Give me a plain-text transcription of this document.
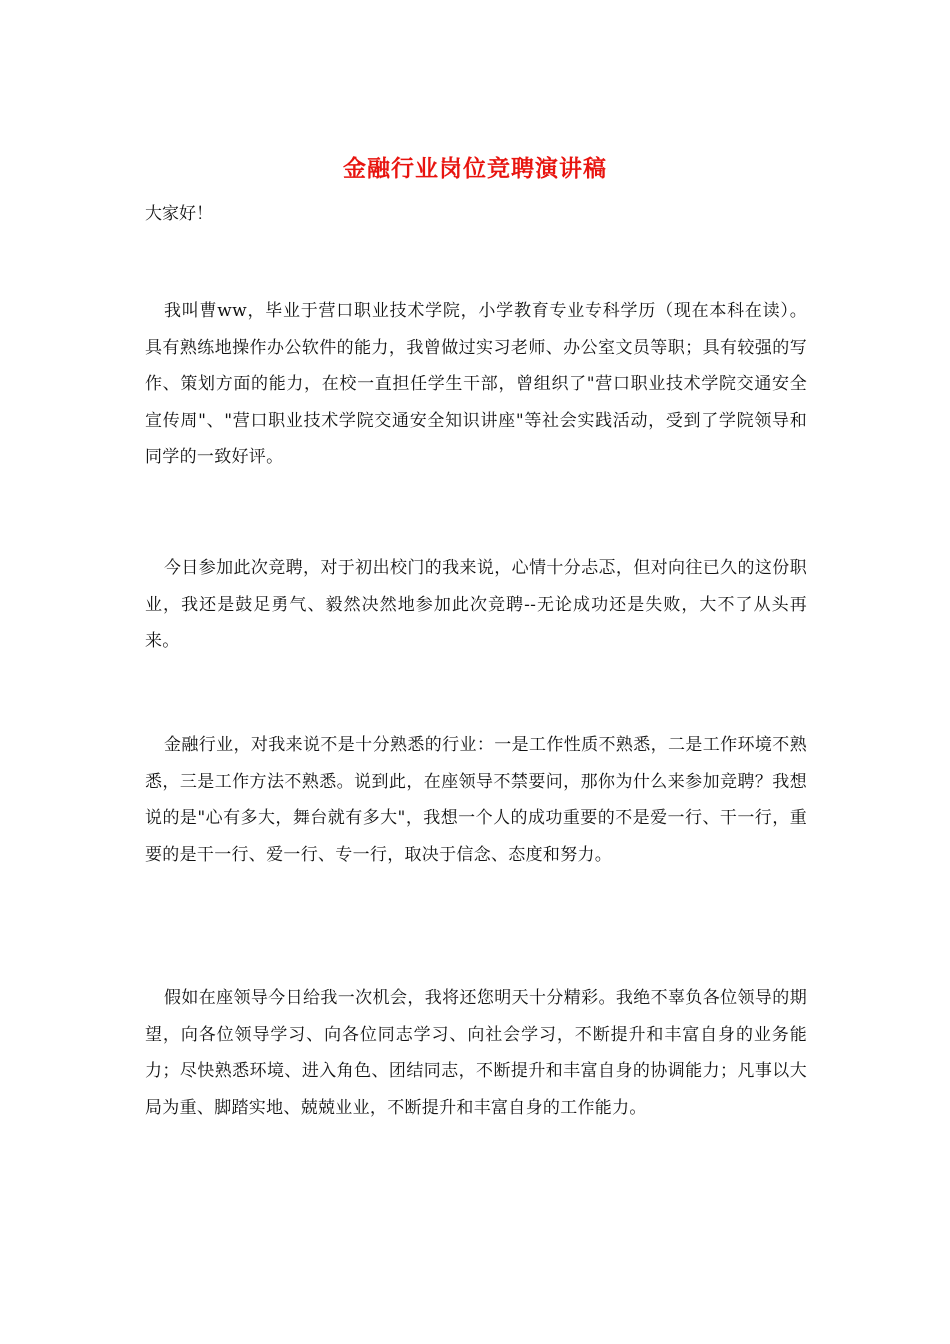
金融行业岗位竞聘演讲稿
大家好！

我叫曹ww，毕业于营口职业技术学院，小学教育专业专科学历（现在本科在读）。具有熟练地操作办公软件的能力，我曾做过实习老师、办公室文员等职；具有较强的写作、策划方面的能力，在校一直担任学生干部，曾组织了"营口职业技术学院交通安全宣传周"、"营口职业技术学院交通安全知识讲座"等社会实践活动，受到了学院领导和同学的一致好评。

今日参加此次竞聘，对于初出校门的我来说，心情十分忐忑，但对向往已久的这份职业，我还是鼓足勇气、毅然决然地参加此次竞聘--无论成功还是失败，大不了从头再来。

金融行业，对我来说不是十分熟悉的行业：一是工作性质不熟悉，二是工作环境不熟悉，三是工作方法不熟悉。说到此，在座领导不禁要问，那你为什么来参加竞聘？我想说的是"心有多大，舞台就有多大"，我想一个人的成功重要的不是爱一行、干一行，重要的是干一行、爱一行、专一行，取决于信念、态度和努力。

假如在座领导今日给我一次机会，我将还您明天十分精彩。我绝不辜负各位领导的期望，向各位领导学习、向各位同志学习、向社会学习，不断提升和丰富自身的业务能力；尽快熟悉环境、进入角色、团结同志，不断提升和丰富自身的协调能力；凡事以大局为重、脚踏实地、兢兢业业，不断提升和丰富自身的工作能力。
